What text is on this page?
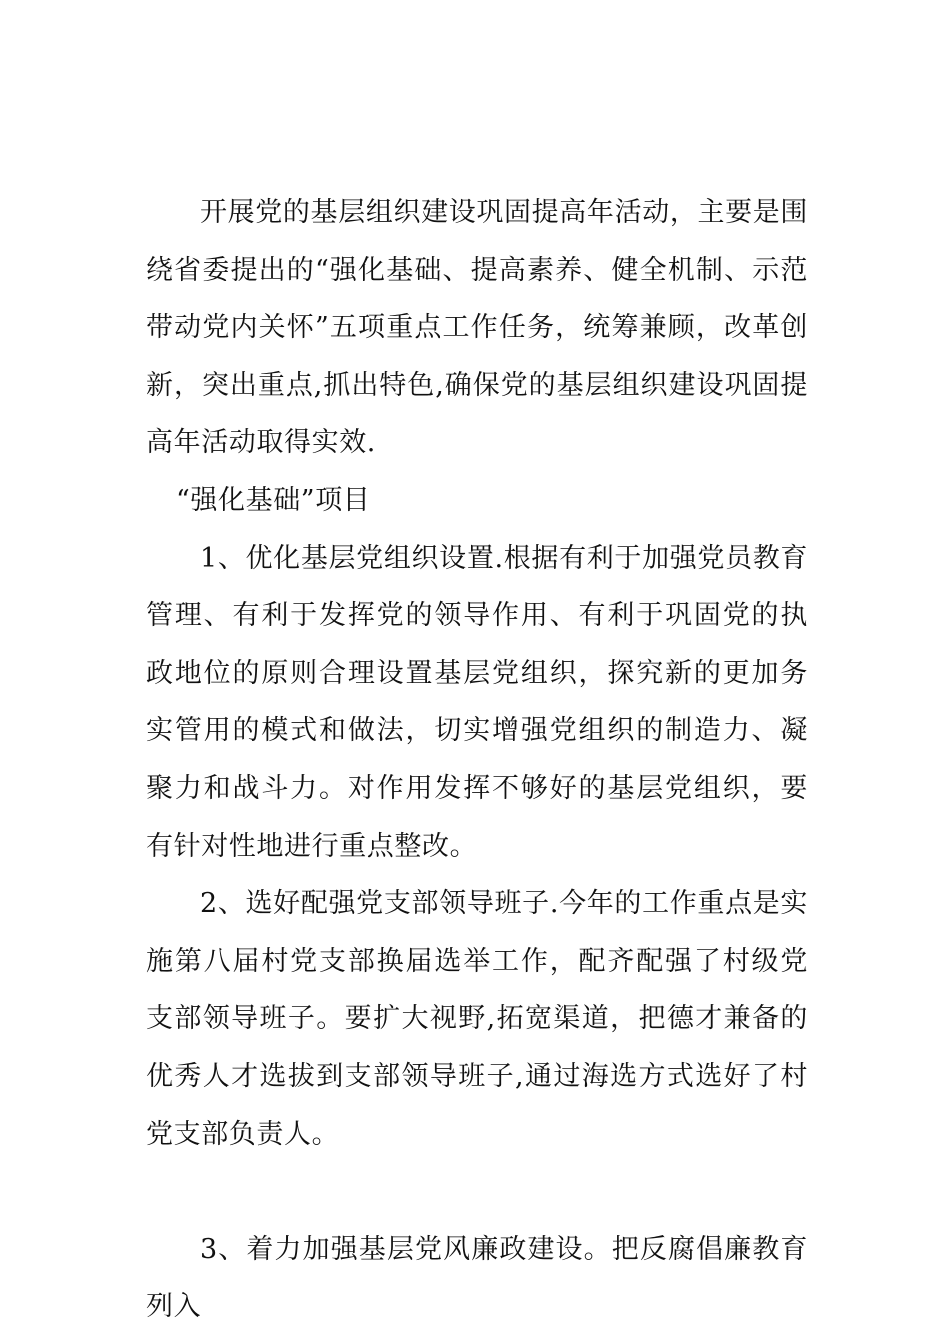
开展党的基层组织建设巩固提高年活动，主要是围绕省委提出的“强化基础、提高素养、健全机制、示范带动党内关怀”五项重点工作任务，统筹兼顾，改革创新，突出重点,抓出特色,确保党的基层组织建设巩固提高年活动取得实效.

“强化基础”项目

1、优化基层党组织设置.根据有利于加强党员教育管理、有利于发挥党的领导作用、有利于巩固党的执政地位的原则合理设置基层党组织，探究新的更加务实管用的模式和做法，切实增强党组织的制造力、凝聚力和战斗力。对作用发挥不够好的基层党组织，要有针对性地进行重点整改。

2、选好配强党支部领导班子.今年的工作重点是实施第八届村党支部换届选举工作，配齐配强了村级党支部领导班子。要扩大视野,拓宽渠道，把德才兼备的优秀人才选拔到支部领导班子,通过海选方式选好了村党支部负责人。

3、着力加强基层党风廉政建设。把反腐倡廉教育列入
